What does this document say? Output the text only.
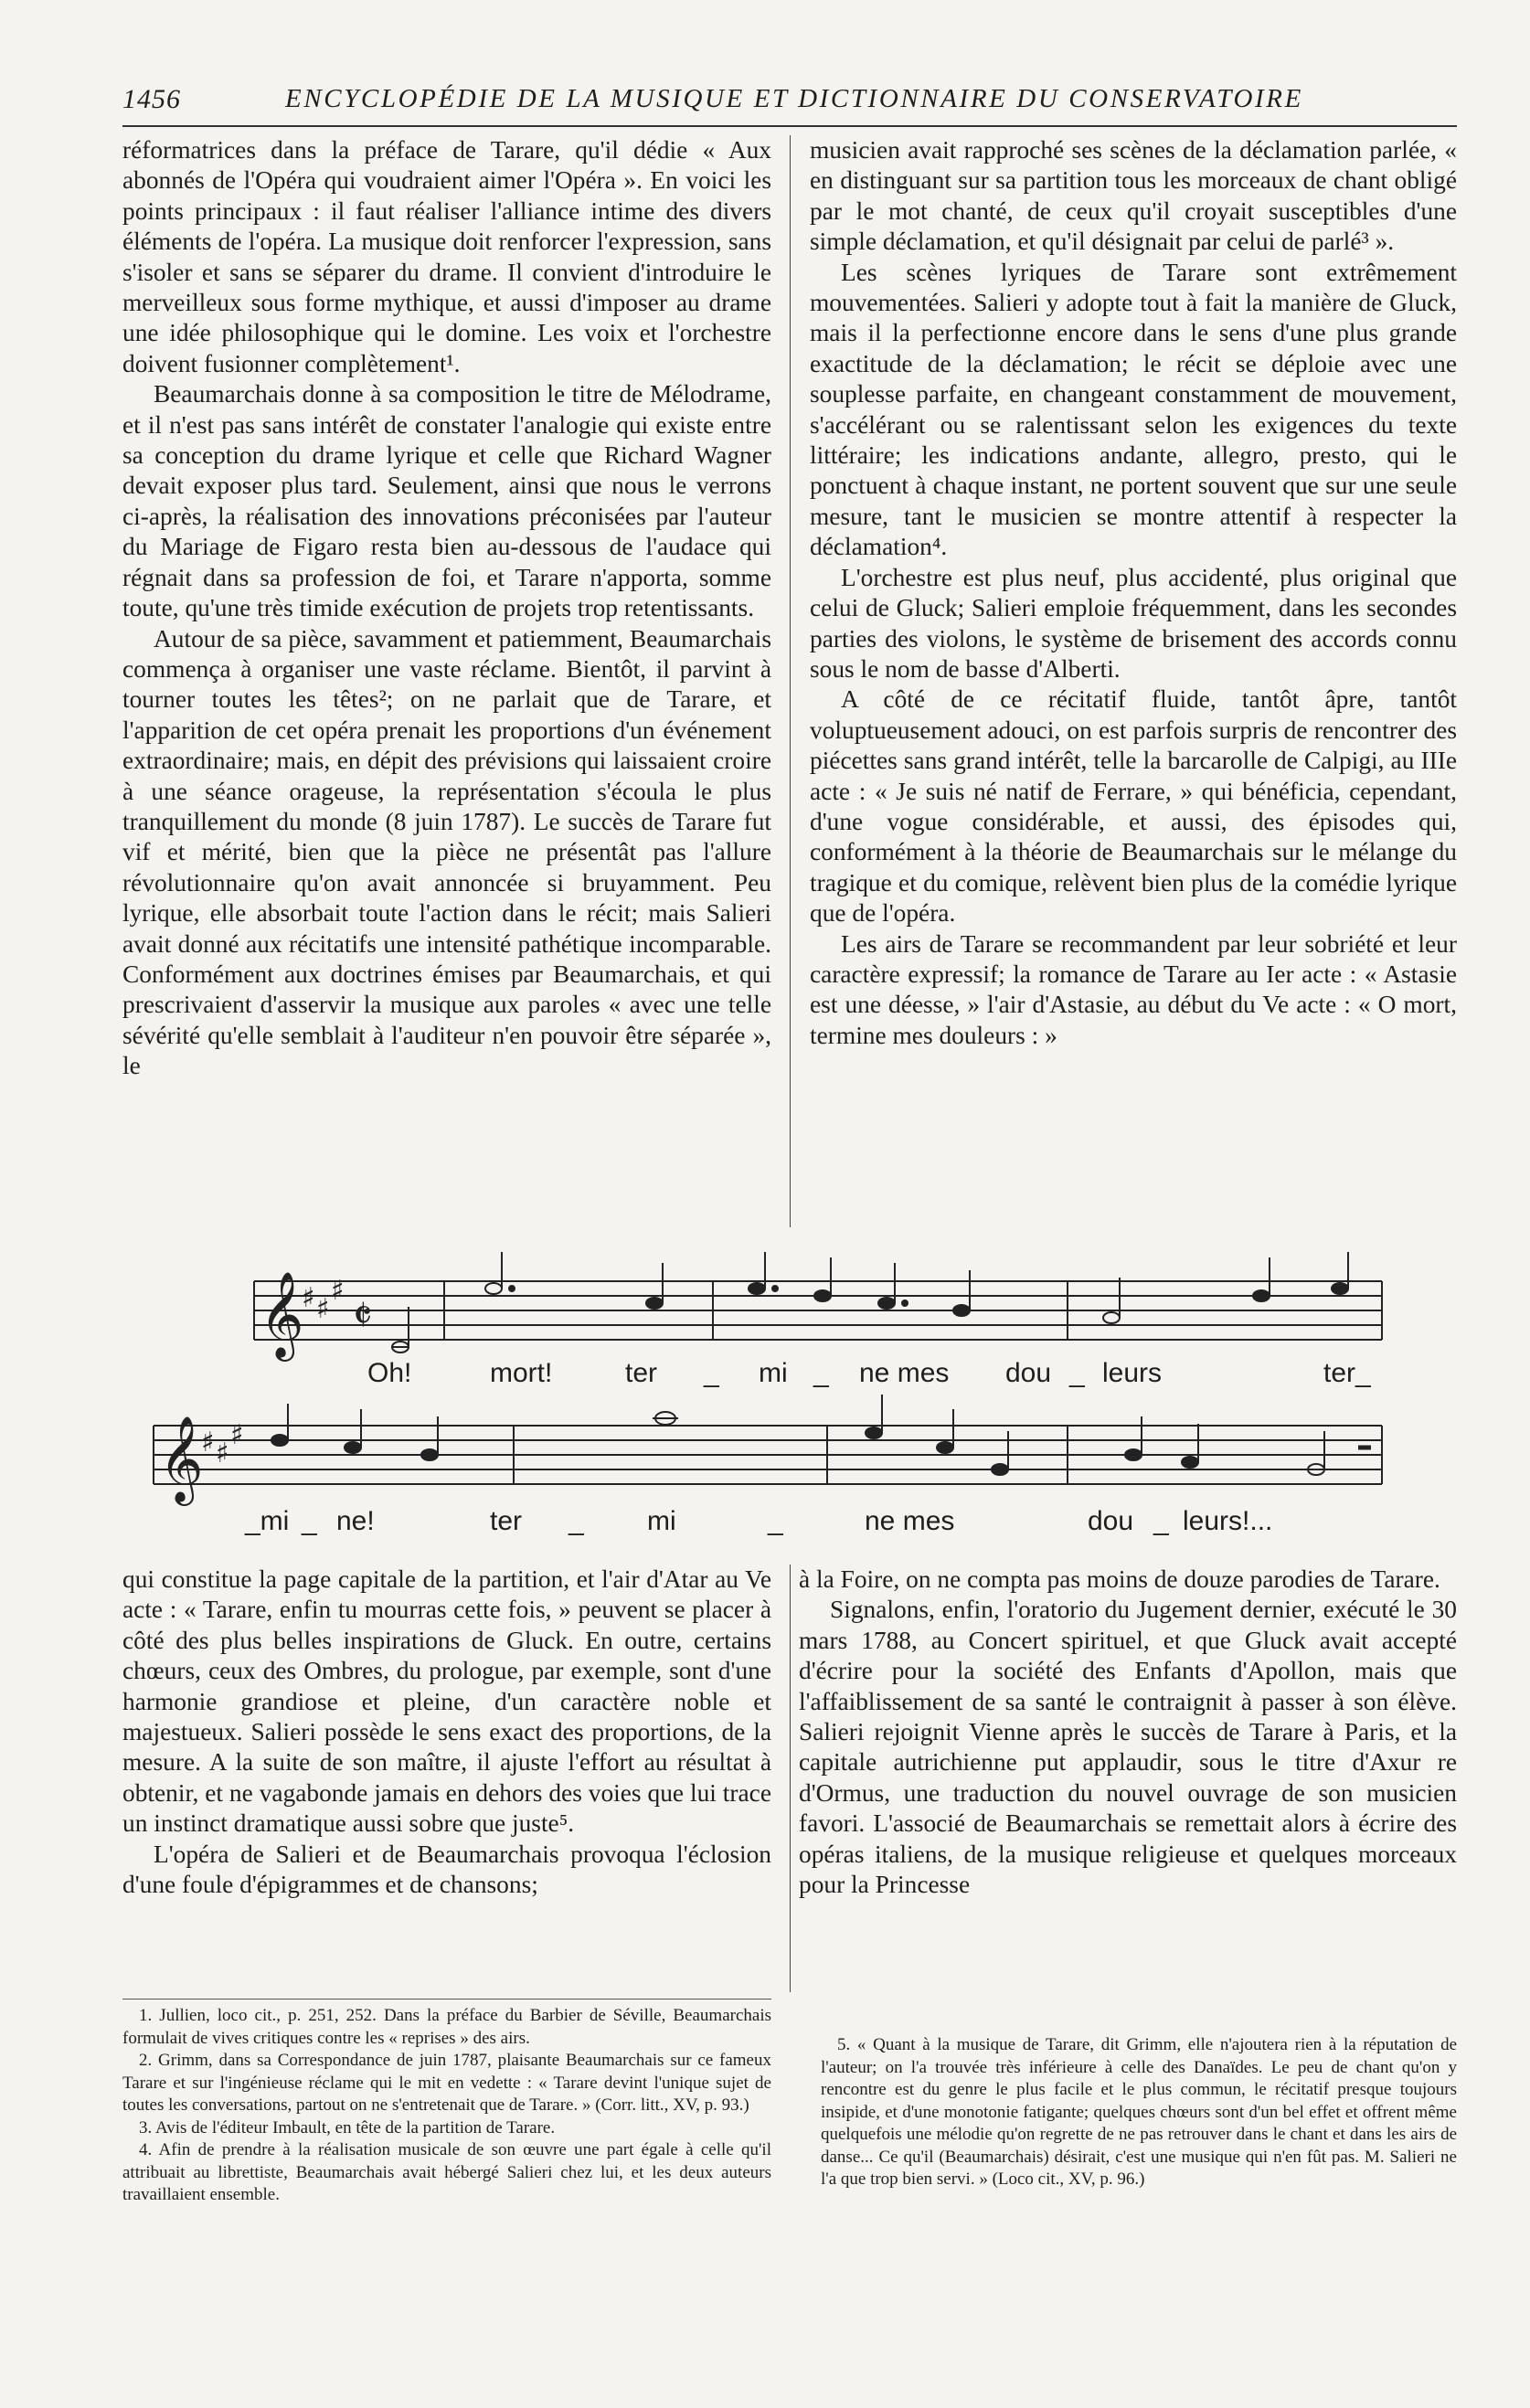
1456	ENCYCLOPÉDIE DE LA MUSIQUE ET DICTIONNAIRE DU CONSERVATOIRE

réformatrices dans la préface de Tarare, qu'il dédie « Aux abonnés de l'Opéra qui voudraient aimer l'Opéra ». En voici les points principaux : il faut réaliser l'alliance intime des divers éléments de l'opéra. La musique doit renforcer l'expression, sans s'isoler et sans se séparer du drame. Il convient d'introduire le merveilleux sous forme mythique, et aussi d'imposer au drame une idée philosophique qui le domine. Les voix et l'orchestre doivent fusionner complètement¹.

Beaumarchais donne à sa composition le titre de Mélodrame, et il n'est pas sans intérêt de constater l'analogie qui existe entre sa conception du drame lyrique et celle que Richard Wagner devait exposer plus tard. Seulement, ainsi que nous le verrons ci-après, la réalisation des innovations préconisées par l'auteur du Mariage de Figaro resta bien au-dessous de l'audace qui régnait dans sa profession de foi, et Tarare n'apporta, somme toute, qu'une très timide exécution de projets trop retentissants.

Autour de sa pièce, savamment et patiemment, Beaumarchais commença à organiser une vaste réclame. Bientôt, il parvint à tourner toutes les têtes²; on ne parlait que de Tarare, et l'apparition de cet opéra prenait les proportions d'un événement extraordinaire; mais, en dépit des prévisions qui laissaient croire à une séance orageuse, la représentation s'écoula le plus tranquillement du monde (8 juin 1787). Le succès de Tarare fut vif et mérité, bien que la pièce ne présentât pas l'allure révolutionnaire qu'on avait annoncée si bruyamment. Peu lyrique, elle absorbait toute l'action dans le récit; mais Salieri avait donné aux récitatifs une intensité pathétique incomparable. Conformément aux doctrines émises par Beaumarchais, et qui prescrivaient d'asservir la musique aux paroles « avec une telle sévérité qu'elle semblait à l'auditeur n'en pouvoir être séparée », le

musicien avait rapproché ses scènes de la déclamation parlée, « en distinguant sur sa partition tous les morceaux de chant obligé par le mot chanté, de ceux qu'il croyait susceptibles d'une simple déclamation, et qu'il désignait par celui de parlé³ ».

Les scènes lyriques de Tarare sont extrêmement mouvementées. Salieri y adopte tout à fait la manière de Gluck, mais il la perfectionne encore dans le sens d'une plus grande exactitude de la déclamation; le récit se déploie avec une souplesse parfaite, en changeant constamment de mouvement, s'accélérant ou se ralentissant selon les exigences du texte littéraire; les indications andante, allegro, presto, qui le ponctuent à chaque instant, ne portent souvent que sur une seule mesure, tant le musicien se montre attentif à respecter la déclamation⁴.

L'orchestre est plus neuf, plus accidenté, plus original que celui de Gluck; Salieri emploie fréquemment, dans les secondes parties des violons, le système de brisement des accords connu sous le nom de basse d'Alberti.

A côté de ce récitatif fluide, tantôt âpre, tantôt voluptueusement adouci, on est parfois surpris de rencontrer des piécettes sans grand intérêt, telle la barcarolle de Calpigi, au IIIe acte : « Je suis né natif de Ferrare, » qui bénéficia, cependant, d'une vogue considérable, et aussi, des épisodes qui, conformément à la théorie de Beaumarchais sur le mélange du tragique et du comique, relèvent bien plus de la comédie lyrique que de l'opéra.

Les airs de Tarare se recommandent par leur sobriété et leur caractère expressif; la romance de Tarare au Ier acte : « Astasie est une déesse, » l'air d'Astasie, au début du Ve acte : « O mort, termine mes douleurs : »

𝄞
♯ ♯
♯ 𝄵
𝄞
♯ ♯
♯
Oh!	mort!	ter _ mi _ ne mes dou _ leurs	ter_
_mi _ ne!	ter _ mi	_	ne mes	dou _ leurs!...

qui constitue la page capitale de la partition, et l'air d'Atar au Ve acte : « Tarare, enfin tu mourras cette fois, » peuvent se placer à côté des plus belles inspirations de Gluck. En outre, certains chœurs, ceux des Ombres, du prologue, par exemple, sont d'une harmonie grandiose et pleine, d'un caractère noble et majestueux. Salieri possède le sens exact des proportions, de la mesure. A la suite de son maître, il ajuste l'effort au résultat à obtenir, et ne vagabonde jamais en dehors des voies que lui trace un instinct dramatique aussi sobre que juste⁵.

L'opéra de Salieri et de Beaumarchais provoqua l'éclosion d'une foule d'épigrammes et de chansons;

à la Foire, on ne compta pas moins de douze parodies de Tarare.

Signalons, enfin, l'oratorio du Jugement dernier, exécuté le 30 mars 1788, au Concert spirituel, et que Gluck avait accepté d'écrire pour la société des Enfants d'Apollon, mais que l'affaiblissement de sa santé le contraignit à passer à son élève. Salieri rejoignit Vienne après le succès de Tarare à Paris, et la capitale autrichienne put applaudir, sous le titre d'Axur re d'Ormus, une traduction du nouvel ouvrage de son musicien favori. L'associé de Beaumarchais se remettait alors à écrire des opéras italiens, de la musique religieuse et quelques morceaux pour la Princesse

1. Jullien, loco cit., p. 251, 252. Dans la préface du Barbier de Séville, Beaumarchais formulait de vives critiques contre les « reprises » des airs.

2. Grimm, dans sa Correspondance de juin 1787, plaisante Beaumarchais sur ce fameux Tarare et sur l'ingénieuse réclame qui le mit en vedette : « Tarare devint l'unique sujet de toutes les conversations, partout on ne s'entretenait que de Tarare. » (Corr. litt., XV, p. 93.)

3. Avis de l'éditeur Imbault, en tête de la partition de Tarare.

4. Afin de prendre à la réalisation musicale de son œuvre une part égale à celle qu'il attribuait au librettiste, Beaumarchais avait hébergé Salieri chez lui, et les deux auteurs travaillaient ensemble.

5. « Quant à la musique de Tarare, dit Grimm, elle n'ajoutera rien à la réputation de l'auteur; on l'a trouvée très inférieure à celle des Danaïdes. Le peu de chant qu'on y rencontre est du genre le plus facile et le plus commun, le récitatif presque toujours insipide, et d'une monotonie fatigante; quelques chœurs sont d'un bel effet et offrent même quelquefois une mélodie qu'on regrette de ne pas retrouver dans le chant et dans les airs de danse... Ce qu'il (Beaumarchais) désirait, c'est une musique qui n'en fût pas. M. Salieri ne l'a que trop bien servi. » (Loco cit., XV, p. 96.)
